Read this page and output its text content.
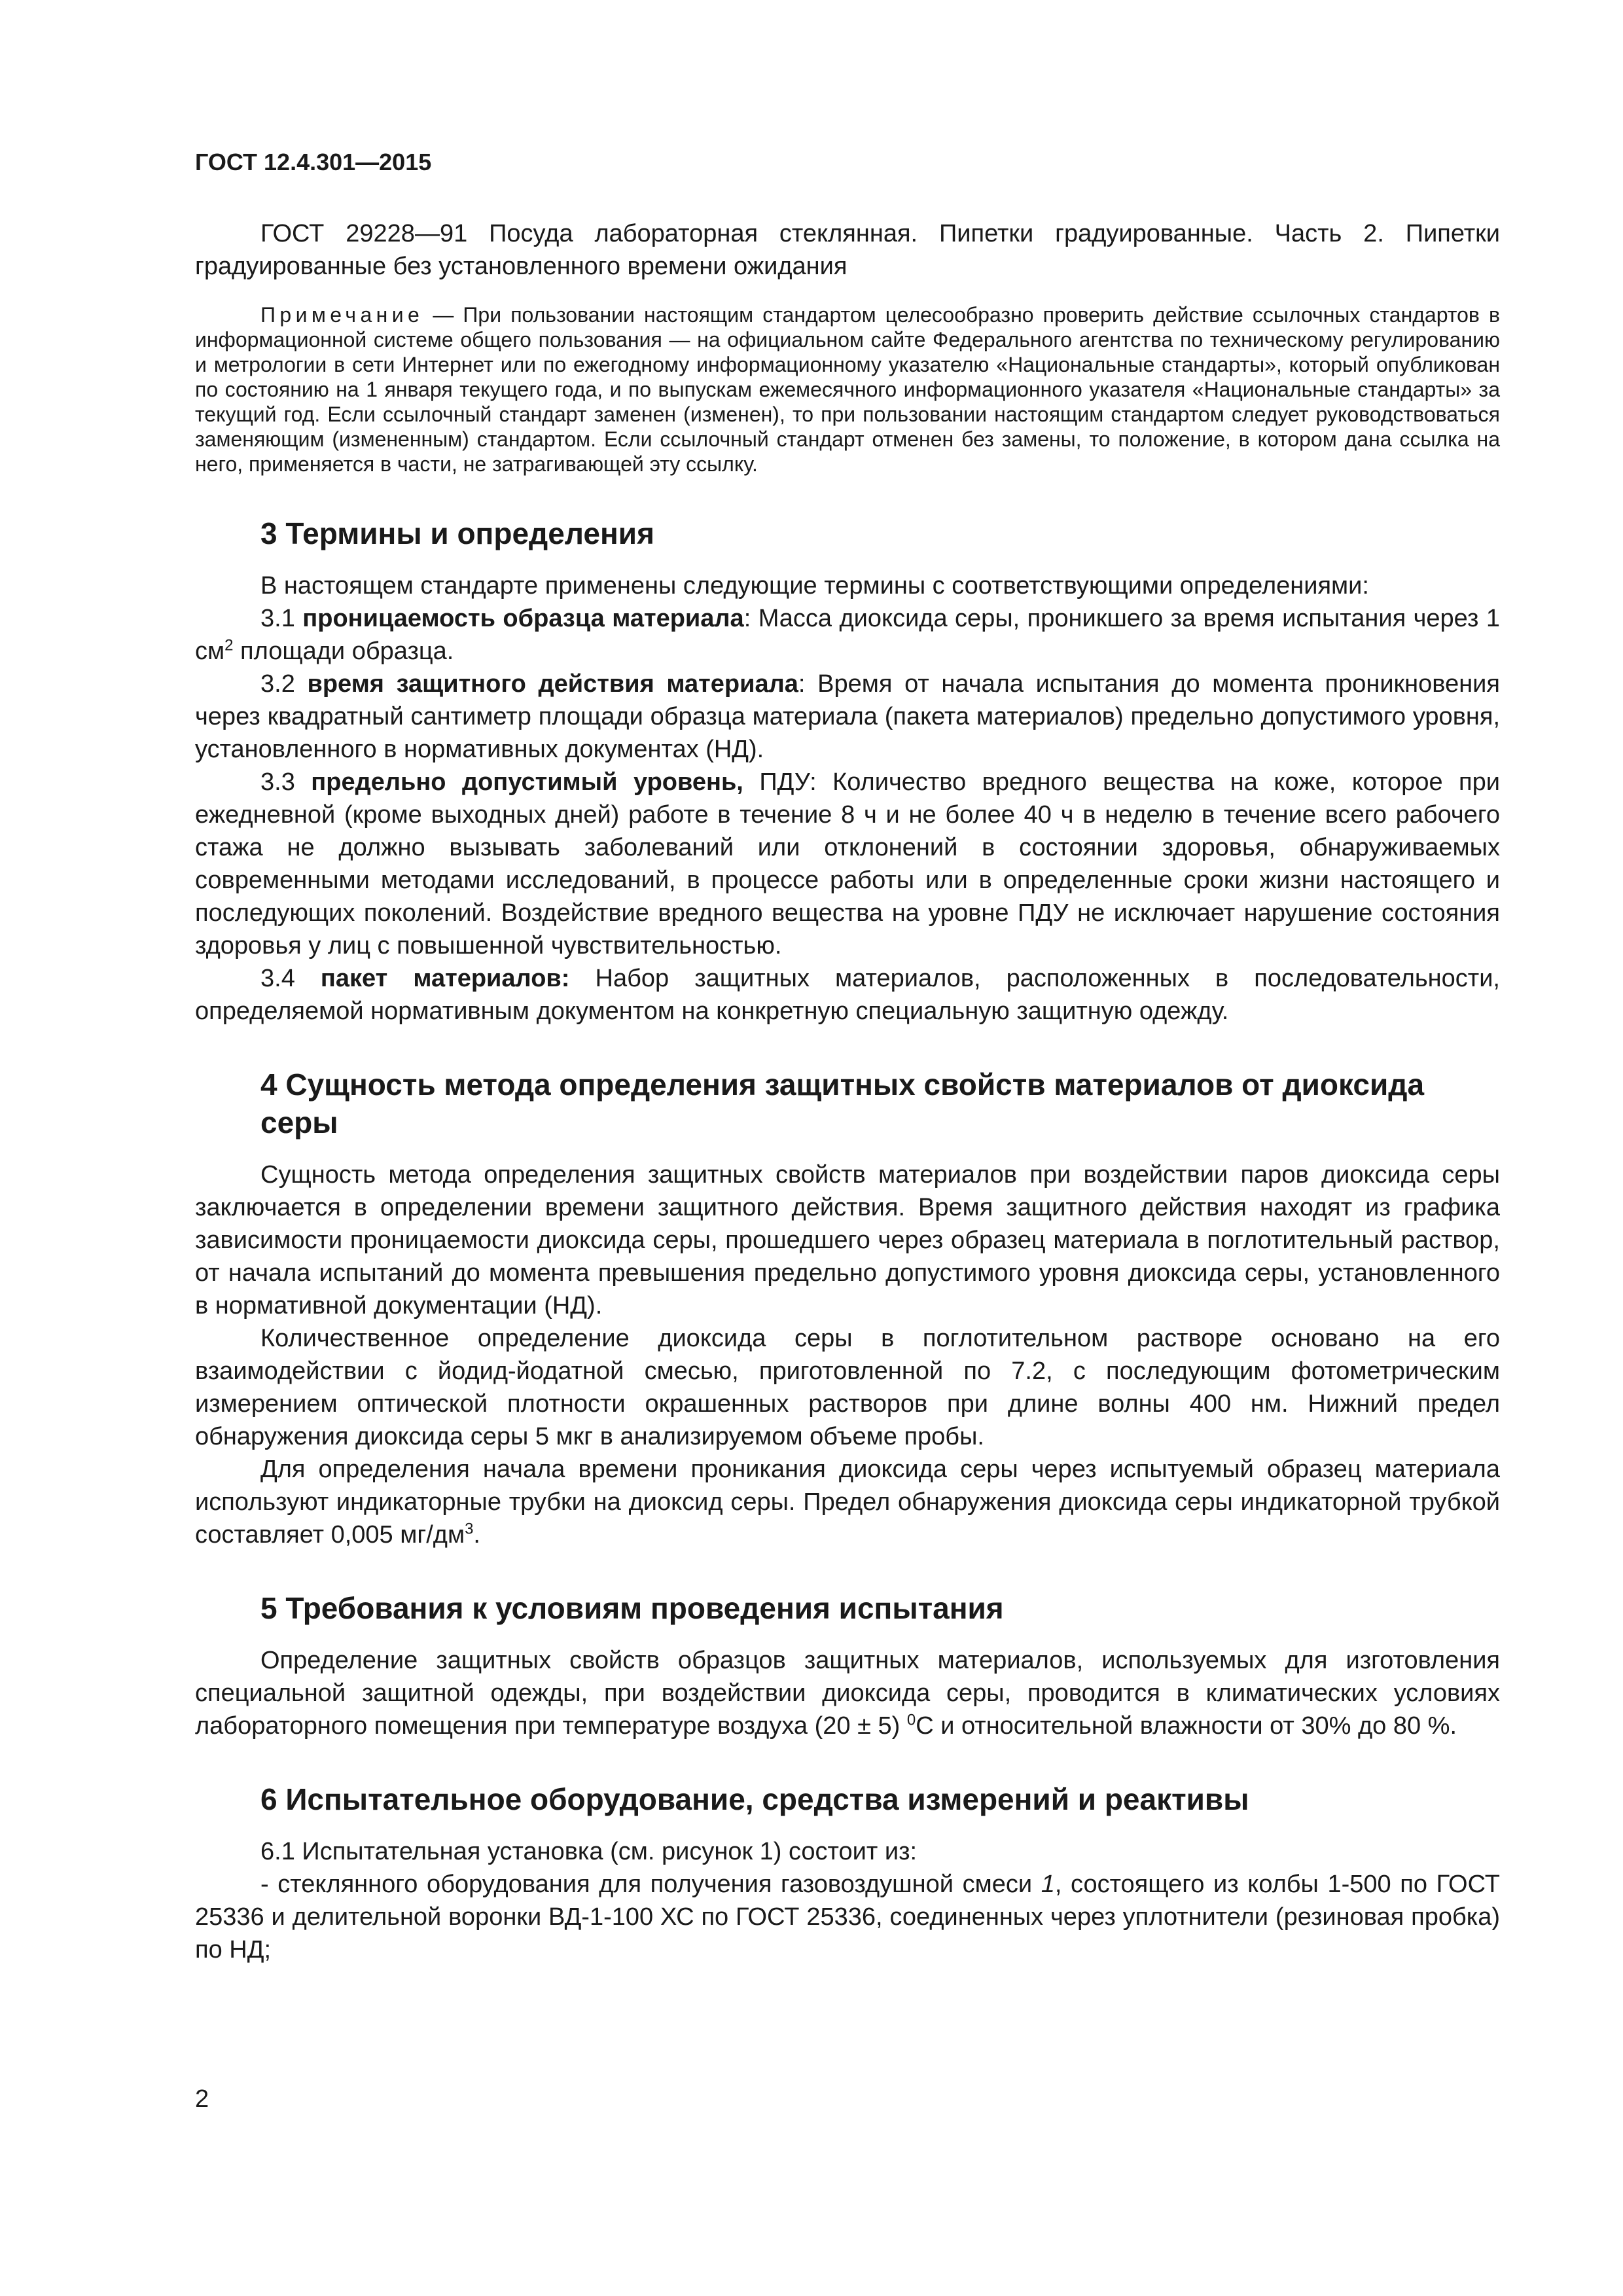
ГОСТ 12.4.301—2015

ГОСТ 29228—91 Посуда лабораторная стеклянная. Пипетки градуированные. Часть 2. Пипетки градуированные без установленного времени ожидания

Примечание — При пользовании настоящим стандартом целесообразно проверить действие ссылочных стандартов в информационной системе общего пользования — на официальном сайте Федерального агентства по техническому регулированию и метрологии в сети Интернет или по ежегодному информационному указателю «Национальные стандарты», который опубликован по состоянию на 1 января текущего года, и по выпускам ежемесячного информационного указателя «Национальные стандарты» за текущий год. Если ссылочный стандарт заменен (изменен), то при пользовании настоящим стандартом следует руководствоваться заменяющим (измененным) стандартом. Если ссылочный стандарт отменен без замены, то положение, в котором дана ссылка на него, применяется в части, не затрагивающей эту ссылку.

3 Термины и определения

В настоящем стандарте применены следующие термины с соответствующими определениями:

3.1 проницаемость образца материала: Масса диоксида серы, проникшего за время испытания через 1 $см^2$ площади образца.

3.2 время защитного действия материала: Время от начала испытания до момента проникновения через квадратный сантиметр площади образца материала (пакета материалов) предельно допустимого уровня, установленного в нормативных документах (НД).

3.3 предельно допустимый уровень, ПДУ: Количество вредного вещества на коже, которое при ежедневной (кроме выходных дней) работе в течение 8 ч и не более 40 ч в неделю в течение всего рабочего стажа не должно вызывать заболеваний или отклонений в состоянии здоровья, обнаруживаемых современными методами исследований, в процессе работы или в определенные сроки жизни настоящего и последующих поколений. Воздействие вредного вещества на уровне ПДУ не исключает нарушение состояния здоровья у лиц с повышенной чувствительностью.

3.4 пакет материалов: Набор защитных материалов, расположенных в последовательности, определяемой нормативным документом на конкретную специальную защитную одежду.

4 Сущность метода определения защитных свойств материалов от диоксида серы

Сущность метода определения защитных свойств материалов при воздействии паров диоксида серы заключается в определении времени защитного действия. Время защитного действия находят из графика зависимости проницаемости диоксида серы, прошедшего через образец материала в поглотительный раствор, от начала испытаний до момента превышения предельно допустимого уровня диоксида серы, установленного в нормативной документации (НД).

Количественное определение диоксида серы в поглотительном растворе основано на его взаимодействии с йодид-йодатной смесью, приготовленной по 7.2, с последующим фотометрическим измерением оптической плотности окрашенных растворов при длине волны 400 нм. Нижний предел обнаружения диоксида серы 5 мкг в анализируемом объеме пробы.

Для определения начала времени проникания диоксида серы через испытуемый образец материала используют индикаторные трубки на диоксид серы. Предел обнаружения диоксида серы индикаторной трубкой составляет 0,005 $мг/дм^3$.

5 Требования к условиям проведения испытания

Определение защитных свойств образцов защитных материалов, используемых для изготовления специальной защитной одежды, при воздействии диоксида серы, проводится в климатических условиях лабораторного помещения при температуре воздуха (20 ± 5) $^0$С и относительной влажности от 30% до 80 %.

6 Испытательное оборудование, средства измерений и реактивы

6.1 Испытательная установка (см. рисунок 1) состоит из:

- стеклянного оборудования для получения газовоздушной смеси 1, состоящего из колбы 1-500 по ГОСТ 25336 и делительной воронки ВД-1-100 ХС по ГОСТ 25336, соединенных через уплотнители (резиновая пробка) по НД;

2
